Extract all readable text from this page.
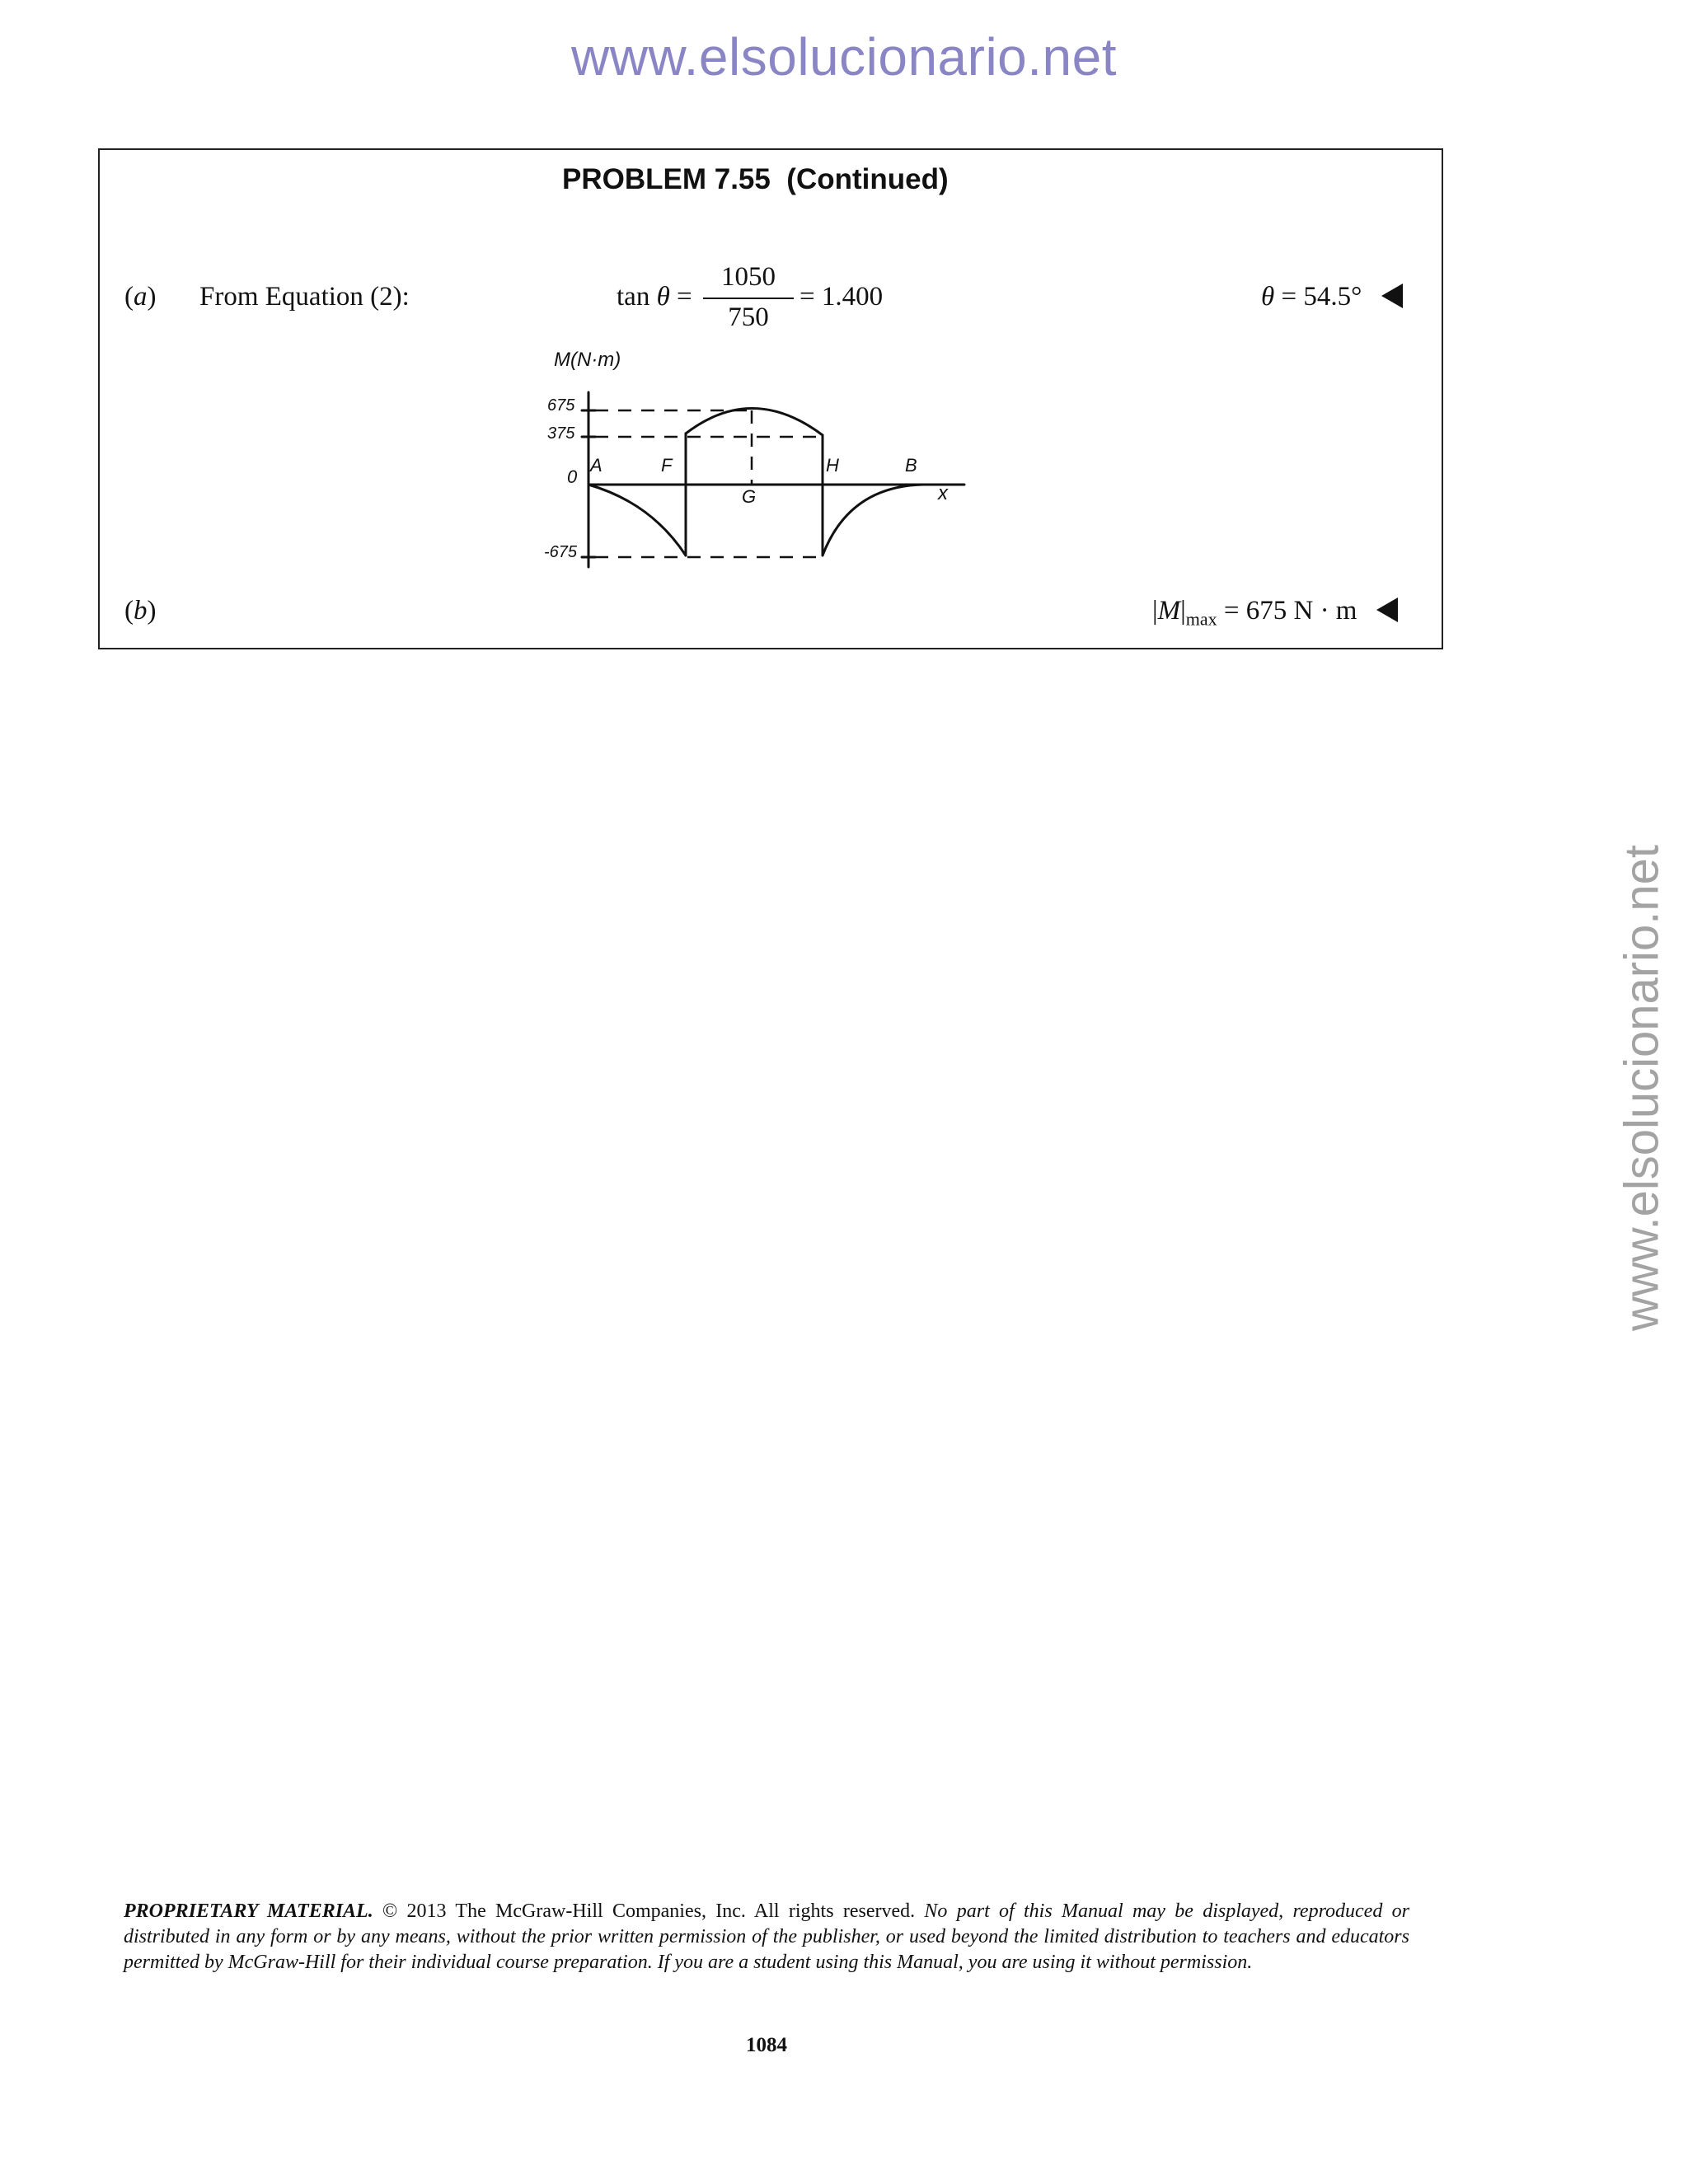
www.elsolucionario.net
www.elsolucionario.net
PROBLEM 7.55  (Continued)
(a) From Equation (2):	tan θ =
1050
750
= 1.400	θ = 54.5°
M(N·m)
675
375
0
-675
A	F
G
H	B
x
(b)	$|M|_{max} = 675$ N · m
PROPRIETARY MATERIAL. © 2013 The McGraw-Hill Companies, Inc. All rights reserved. No part of this Manual may be displayed, reproduced or distributed in any form or by any means, without the prior written permission of the publisher, or used beyond the limited distribution to teachers and educators permitted by McGraw-Hill for their individual course preparation. If you are a student using this Manual, you are using it without permission.
1084
